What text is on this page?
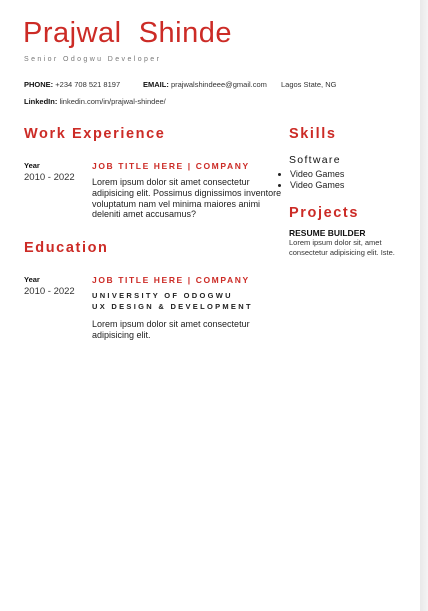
Prajwal  Shinde
Senior Odogwu Developer
PHONE: +234 708 521 8197	EMAIL: prajwalshindeee@gmail.com Lagos State, NG
LinkedIn: linkedin.com/in/prajwal-shindee/
Work Experience
Year
2010 - 2022
JOB TITLE HERE | COMPANY
Lorem ipsum dolor sit amet consectetur adipisicing elit. Possimus dignissimos inventore voluptatum nam vel minima maiores animi deleniti amet accusamus?
Education
Year
2010 - 2022
JOB TITLE HERE | COMPANY
UNIVERSITY OF ODOGWU
UX DESIGN & DEVELOPMENT
Lorem ipsum dolor sit amet consectetur adipisicing elit.
Skills
Software
• Video Games
• Video Games
Projects
RESUME BUILDER
Lorem ipsum dolor sit, amet consectetur adipisicing elit. Iste.
